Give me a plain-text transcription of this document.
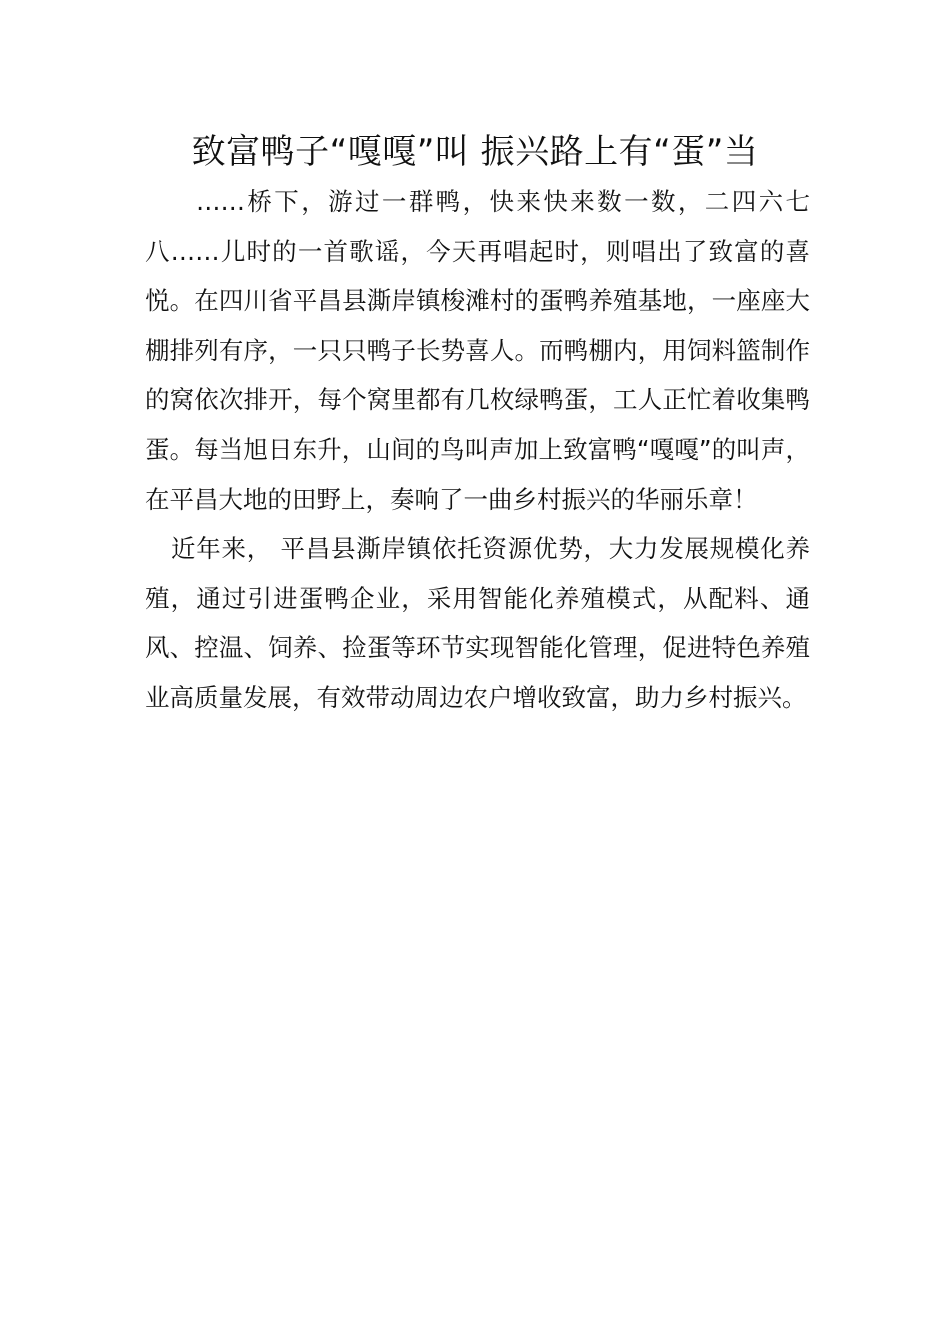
致富鸭子“嘎嘎”叫 振兴路上有“蛋”当

……桥下，游过一群鸭，快来快来数一数，二四六七八……儿时的一首歌谣，今天再唱起时，则唱出了致富的喜悦。在四川省平昌县澌岸镇梭滩村的蛋鸭养殖基地，一座座大棚排列有序，一只只鸭子长势喜人。而鸭棚内，用饲料篮制作的窝依次排开，每个窝里都有几枚绿鸭蛋，工人正忙着收集鸭蛋。每当旭日东升，山间的鸟叫声加上致富鸭“嘎嘎”的叫声，在平昌大地的田野上，奏响了一曲乡村振兴的华丽乐章！

近年来， 平昌县澌岸镇依托资源优势，大力发展规模化养殖，通过引进蛋鸭企业，采用智能化养殖模式，从配料、通风、控温、饲养、捡蛋等环节实现智能化管理，促进特色养殖业高质量发展，有效带动周边农户增收致富，助力乡村振兴。
